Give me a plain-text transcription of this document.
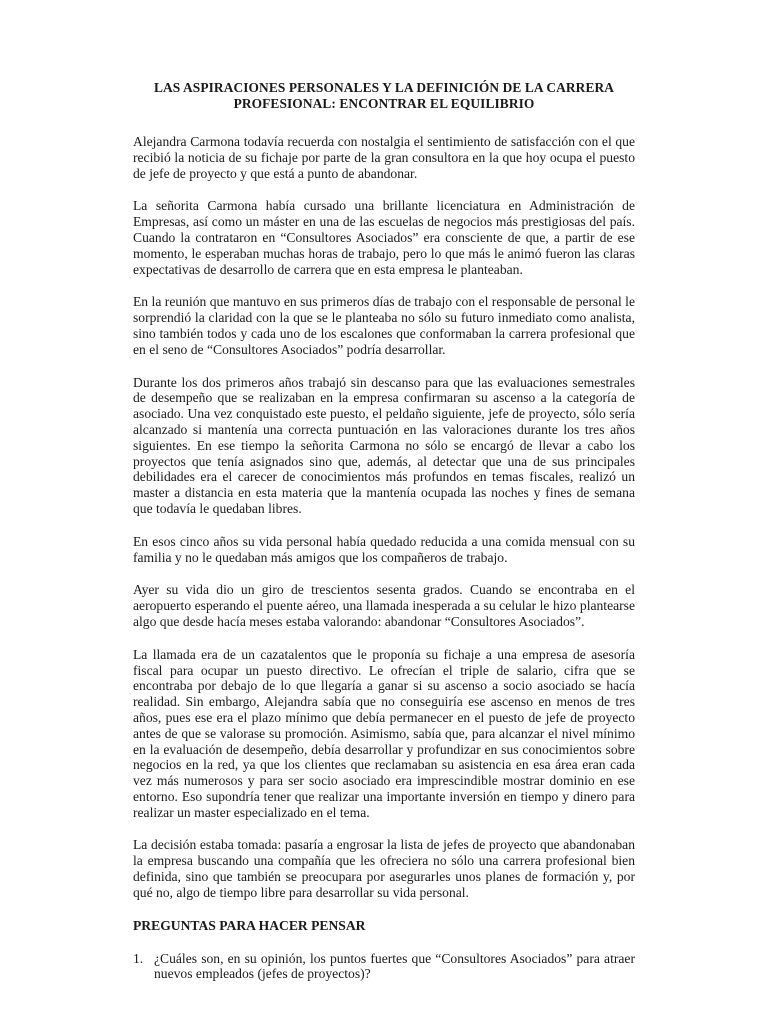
LAS ASPIRACIONES PERSONALES Y LA DEFINICIÓN DE LA CARRERA
PROFESIONAL: ENCONTRAR EL EQUILIBRIO

Alejandra Carmona todavía recuerda con nostalgia el sentimiento de satisfacción con el que recibió la noticia de su fichaje por parte de la gran consultora en la que hoy ocupa el puesto de jefe de proyecto y que está a punto de abandonar.

La señorita Carmona había cursado una brillante licenciatura en Administración de Empresas, así como un máster en una de las escuelas de negocios más prestigiosas del país. Cuando la contrataron en “Consultores Asociados” era consciente de que, a partir de ese momento, le esperaban muchas horas de trabajo, pero lo que más le animó fueron las claras expectativas de desarrollo de carrera que en esta empresa le planteaban.

En la reunión que mantuvo en sus primeros días de trabajo con el responsable de personal le sorprendió la claridad con la que se le planteaba no sólo su futuro inmediato como analista, sino también todos y cada uno de los escalones que conformaban la carrera profesional que en el seno de “Consultores Asociados” podría desarrollar.

Durante los dos primeros años trabajó sin descanso para que las evaluaciones semestrales de desempeño que se realizaban en la empresa confirmaran su ascenso a la categoría de asociado. Una vez conquistado este puesto, el peldaño siguiente, jefe de proyecto, sólo sería alcanzado si mantenía una correcta puntuación en las valoraciones durante los tres años siguientes. En ese tiempo la señorita Carmona no sólo se encargó de llevar a cabo los proyectos que tenía asignados sino que, además, al detectar que una de sus principales debilidades era el carecer de conocimientos más profundos en temas fiscales, realizó un master a distancia en esta materia que la mantenía ocupada las noches y fines de semana que todavía le quedaban libres.

En esos cinco años su vida personal había quedado reducida a una comida mensual con su familia y no le quedaban más amigos que los compañeros de trabajo.

Ayer su vida dio un giro de trescientos sesenta grados. Cuando se encontraba en el aeropuerto esperando el puente aéreo, una llamada inesperada a su celular le hizo plantearse algo que desde hacía meses estaba valorando: abandonar “Consultores Asociados”.

La llamada era de un cazatalentos que le proponía su fichaje a una empresa de asesoría fiscal para ocupar un puesto directivo. Le ofrecían el triple de salario, cifra que se encontraba por debajo de lo que llegaría a ganar si su ascenso a socio asociado se hacía realidad. Sin embargo, Alejandra sabía que no conseguiría ese ascenso en menos de tres años, pues ese era el plazo mínimo que debía permanecer en el puesto de jefe de proyecto antes de que se valorase su promoción. Asimismo, sabía que, para alcanzar el nivel mínimo en la evaluación de desempeño, debía desarrollar y profundizar en sus conocimientos sobre negocios en la red, ya que los clientes que reclamaban su asistencia en esa área eran cada vez más numerosos y para ser socio asociado era imprescindible mostrar dominio en ese entorno. Eso supondría tener que realizar una importante inversión en tiempo y dinero para realizar un master especializado en el tema.

La decisión estaba tomada: pasaría a engrosar la lista de jefes de proyecto que abandonaban la empresa buscando una compañía que les ofreciera no sólo una carrera profesional bien definida, sino que también se preocupara por asegurarles unos planes de formación y, por qué no, algo de tiempo libre para desarrollar su vida personal.

PREGUNTAS PARA HACER PENSAR
1. ¿Cuáles son, en su opinión, los puntos fuertes que “Consultores Asociados” para atraer nuevos empleados (jefes de proyectos)?
